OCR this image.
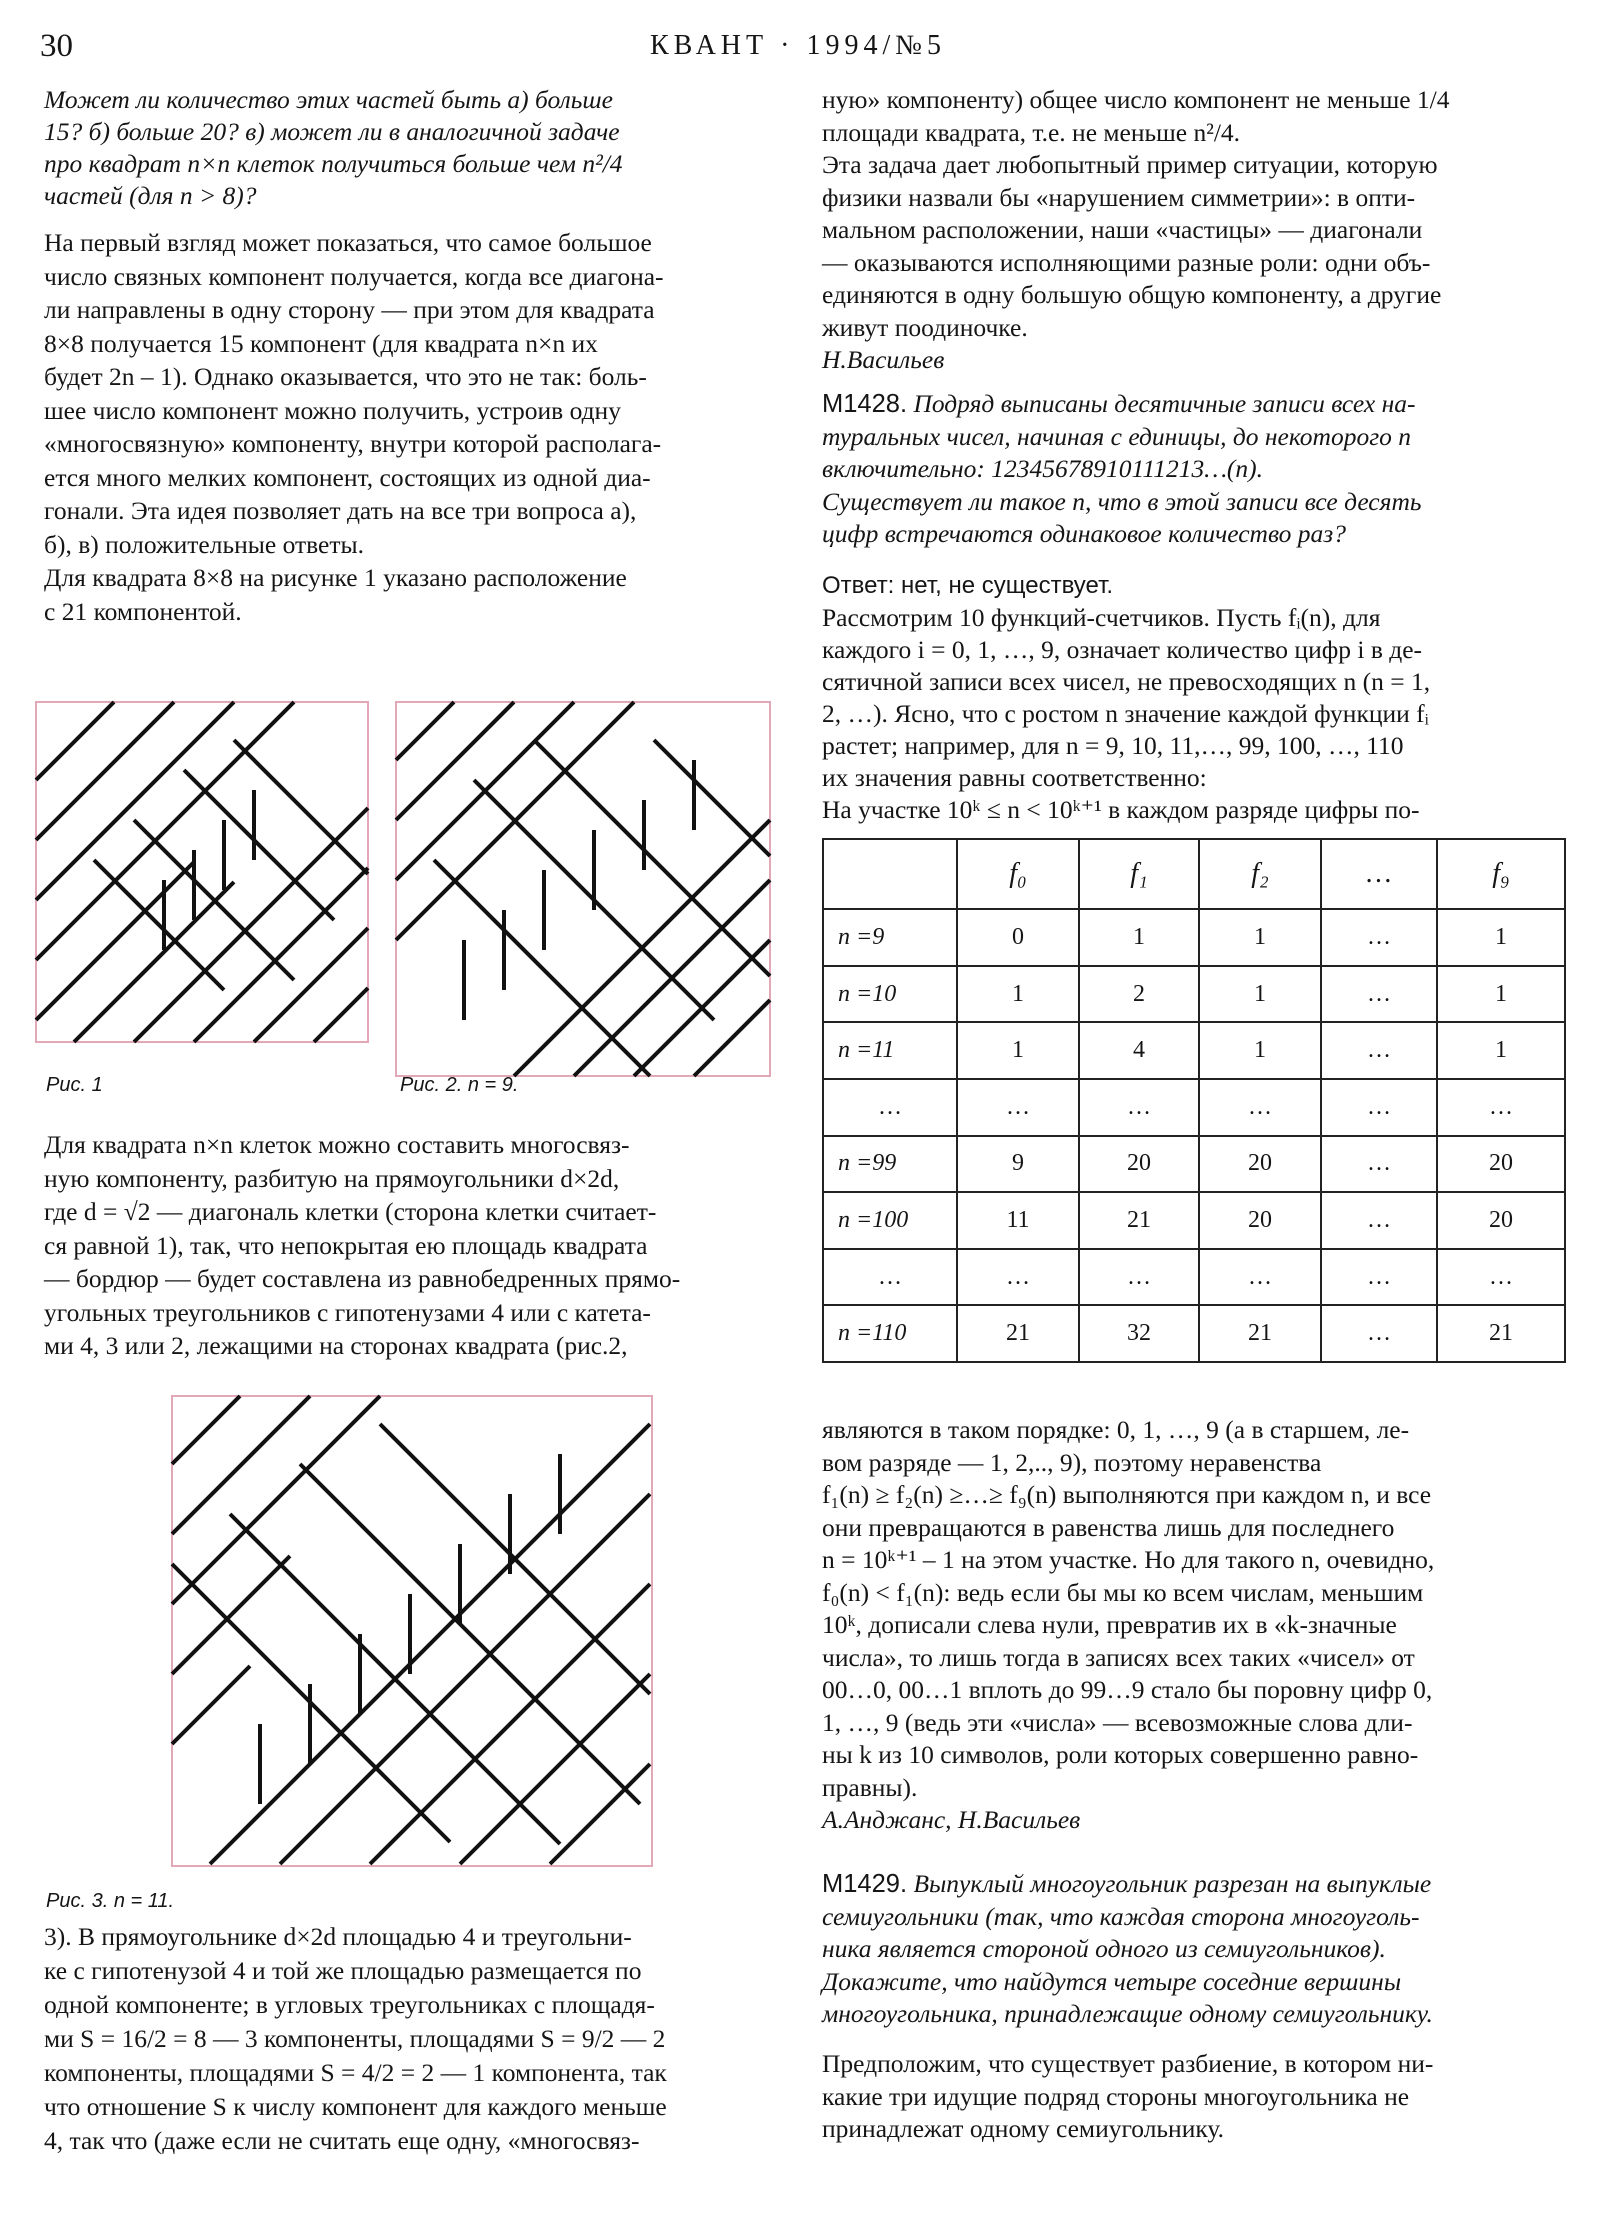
30	КВАНТ · 1994/№5

Может ли количество этих частей быть а) больше

15? б) больше 20? в) может ли в аналогичной задаче

про квадрат n×n клеток получиться больше чем n²/4

частей (для n > 8)?

На первый взгляд может показаться, что самое большое

число связных компонент получается, когда все диагона-

ли направлены в одну сторону — при этом для квадрата

8×8 получается 15 компонент (для квадрата n×n их

будет 2n – 1). Однако оказывается, что это не так: боль-

шее число компонент можно получить, устроив одну

«многосвязную» компоненту, внутри которой располага-

ется много мелких компонент, состоящих из одной диа-

гонали. Эта идея позволяет дать на все три вопроса а),

б), в) положительные ответы.

Для квадрата 8×8 на рисунке 1 указано расположение

с 21 компонентой.

Рис. 1	Рис. 2. n = 9.

Для квадрата n×n клеток можно составить многосвяз-

ную компоненту, разбитую на прямоугольники d×2d,

где d = √2 — диагональ клетки (сторона клетки считает-

ся равной 1), так, что непокрытая ею площадь квадрата

— бордюр — будет составлена из равнобедренных прямо-

угольных треугольников с гипотенузами 4 или с катета-

ми 4, 3 или 2, лежащими на сторонах квадрата (рис.2,

Рис. 3. n = 11.

3). В прямоугольнике d×2d площадью 4 и треугольни-

ке с гипотенузой 4 и той же площадью размещается по

одной компоненте; в угловых треугольниках с площадя-

ми S = 16/2 = 8 — 3 компоненты, площадями S = 9/2 — 2

компоненты, площадями S = 4/2 = 2 — 1 компонента, так

что отношение S к числу компонент для каждого меньше

4, так что (даже если не считать еще одну, «многосвяз-

ную» компоненту) общее число компонент не меньше 1/4

площади квадрата, т.е. не меньше n²/4.

Эта задача дает любопытный пример ситуации, которую

физики назвали бы «нарушением симметрии»: в опти-

мальном расположении, наши «частицы» — диагонали

— оказываются исполняющими разные роли: одни объ-

единяются в одну большую общую компоненту, а другие

живут поодиночке.

Н.Васильев

М1428. Подряд выписаны десятичные записи всех на-

туральных чисел, начиная с единицы, до некоторого n

включительно: 12345678910111213…(n).

Существует ли такое n, что в этой записи все десять

цифр встречаются одинаковое количество раз?

Ответ: нет, не существует.

Рассмотрим 10 функций-счетчиков. Пусть fᵢ(n), для

каждого i = 0, 1, …, 9, означает количество цифр i в де-

сятичной записи всех чисел, не превосходящих n (n = 1,

2, …). Ясно, что с ростом n значение каждой функции fᵢ

растет; например, для n = 9, 10, 11,…, 99, 100, …, 110

их значения равны соответственно:

На участке 10ᵏ ≤ n < 10ᵏ⁺¹ в каждом разряде цифры по-

	f₀	f₁	f₂	…	f₉
n =9	0	1	1	…	1
n =10	1	2	1	…	1
n =11	1	4	1	…	1
…	…	…	…	…	…
n =99	9	20	20	…	20
n =100	11	21	20	…	20
…	…	…	…	…	…
n =110	21	32	21	…	21

являются в таком порядке: 0, 1, …, 9 (а в старшем, ле-

вом разряде — 1, 2,.., 9), поэтому неравенства

f₁(n) ≥ f₂(n) ≥…≥ f₉(n) выполняются при каждом n, и все

они превращаются в равенства лишь для последнего

n = 10ᵏ⁺¹ – 1 на этом участке. Но для такого n, очевидно,

f₀(n) < f₁(n): ведь если бы мы ко всем числам, меньшим

10ᵏ, дописали слева нули, превратив их в «k-значные

числа», то лишь тогда в записях всех таких «чисел» от

00…0, 00…1 вплоть до 99…9 стало бы поровну цифр 0,

1, …, 9 (ведь эти «числа» — всевозможные слова дли-

ны k из 10 символов, роли которых совершенно равно-

правны).

А.Анджанс, Н.Васильев

М1429. Выпуклый многоугольник разрезан на выпуклые

семиугольники (так, что каждая сторона многоуголь-

ника является стороной одного из семиугольников).

Докажите, что найдутся четыре соседние вершины

многоугольника, принадлежащие одному семиугольнику.

Предположим, что существует разбиение, в котором ни-

какие три идущие подряд стороны многоугольника не

принадлежат одному семиугольнику.
